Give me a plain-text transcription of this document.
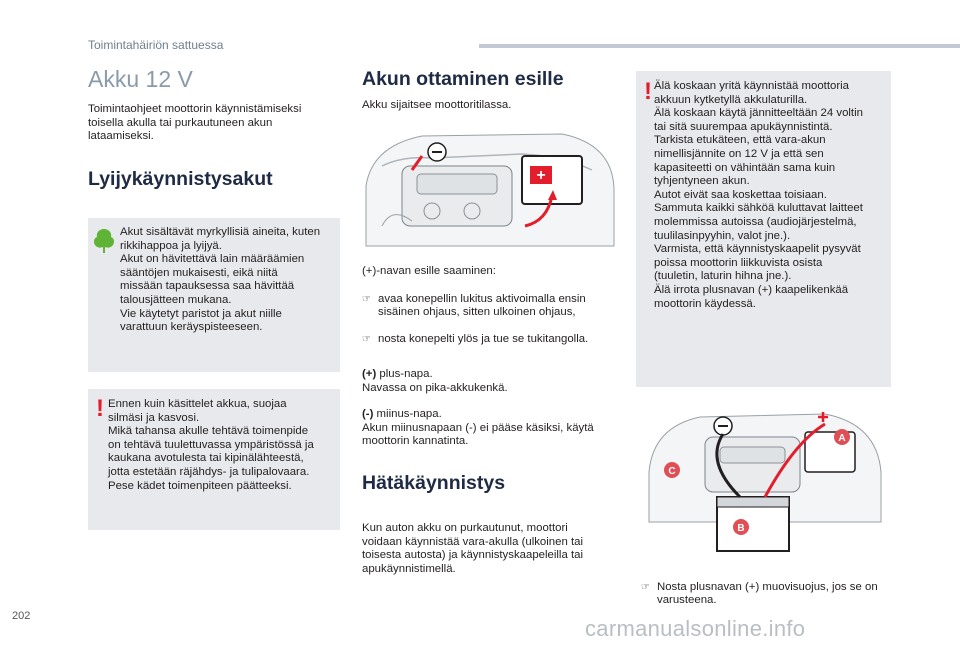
Toimintahäiriön sattuessa
Akku 12 V
Toimintaohjeet moottorin käynnistämiseksi
toisella akulla tai purkautuneen akun
lataamiseksi.
Lyijykäynnistysakut
Akut sisältävät myrkyllisiä aineita, kuten
rikkihappoa ja lyijyä.
Akut on hävitettävä lain määräämien
sääntöjen mukaisesti, eikä niitä
missään tapauksessa saa hävittää
talousjätteen mukana.
Vie käytetyt paristot ja akut niille
varattuun keräyspisteeseen.
! Ennen kuin käsittelet akkua, suojaa
silmäsi ja kasvosi.
Mikä tahansa akulle tehtävä toimenpide
on tehtävä tuulettuvassa ympäristössä ja
kaukana avotulesta tai kipinälähteestä,
jotta estetään räjähdys- ja tulipalovaara.
Pese kädet toimenpiteen päätteeksi.
Akun ottaminen esille
Akku sijaitsee moottoritilassa.
+
(+)-navan esille saaminen:

☞ avaa konepellin lukitus aktivoimalla ensin
sisäinen ohjaus, sitten ulkoinen ohjaus,

☞ nosta konepelti ylös ja tue se tukitangolla.

(+) plus-napa.
Navassa on pika-akkukenkä.
(-) miinus-napa.
Akun miinusnapaan (-) ei pääse käsiksi, käytä
moottorin kannatinta.
Hätäkäynnistys
Kun auton akku on purkautunut, moottori
voidaan käynnistää vara-akulla (ulkoinen tai
toisesta autosta) ja käynnistyskaapeleilla tai
apukäynnistimellä.
! Älä koskaan yritä käynnistää moottoria
akkuun kytketyllä akkulaturilla.
Älä koskaan käytä jännitteeltään 24 voltin
tai sitä suurempaa apukäynnistintä.
Tarkista etukäteen, että vara-akun
nimellisjännite on 12 V ja että sen
kapasiteetti on vähintään sama kuin
tyhjentyneen akun.
Autot eivät saa koskettaa toisiaan.
Sammuta kaikki sähköä kuluttavat laitteet
molemmissa autoissa (audiojärjestelmä,
tuulilasinpyyhin, valot jne.).
Varmista, että käynnistyskaapelit pysyvät
poissa moottorin liikkuvista osista
(tuuletin, laturin hihna jne.).
Älä irrota plusnavan (+) kaapelikenkää
moottorin käydessä.
A
B
C

☞ Nosta plusnavan (+) muovisuojus, jos se on
varusteena.

202	carmanualsonline.info
